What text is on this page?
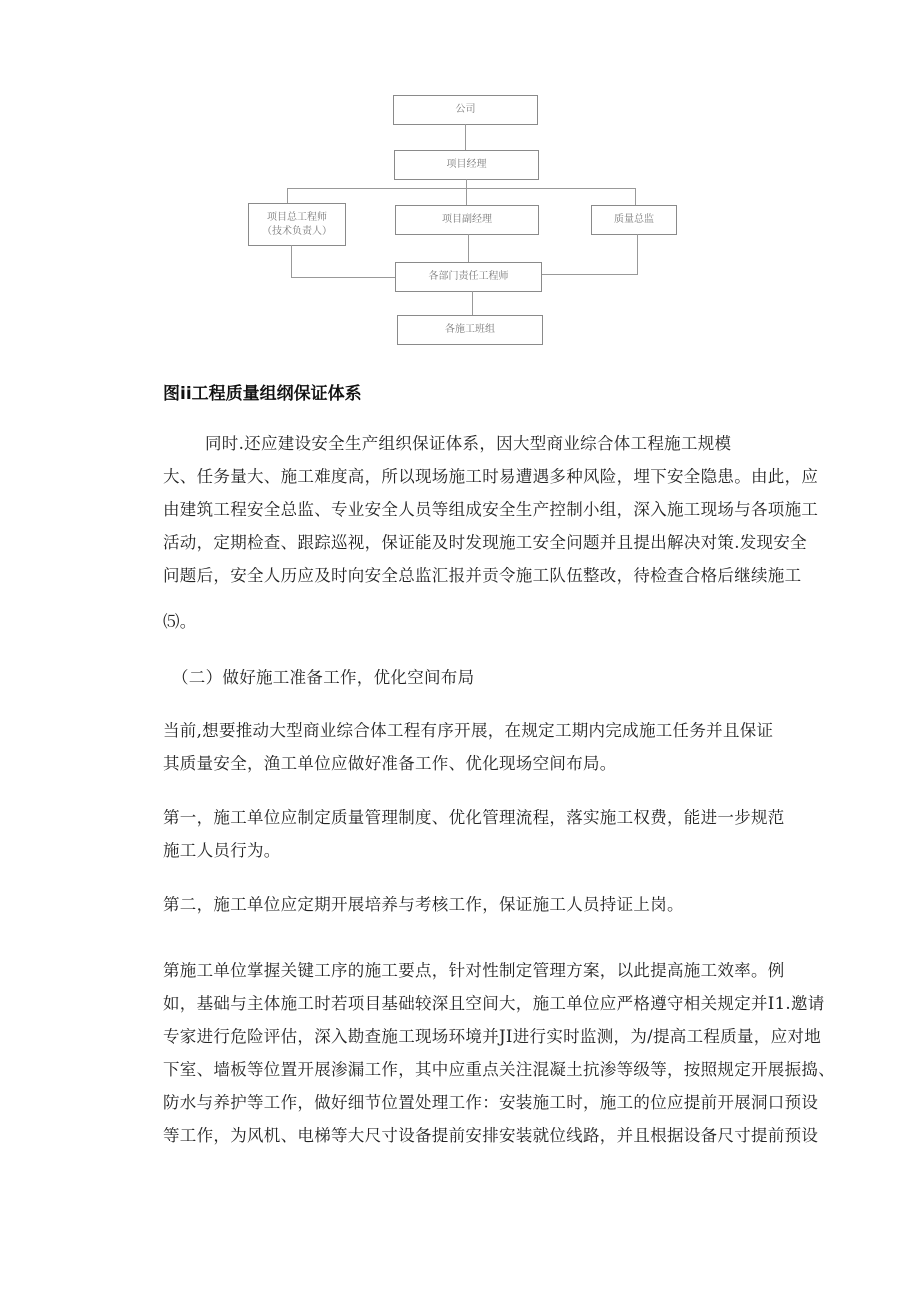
公司
项目经理
项目总工程师
（技术负责人）
项目副经理	质量总监
各部门责任工程师
各施工班组
图ii工程质量组纲保证体系
同时.还应建设安全生产组织保证体系，因大型商业综合体工程施工规模
大、任务量大、施工难度高，所以现场施工时易遭遇多种风险，埋下安全隐患。由此，应
由建筑工程安全总监、专业安全人员等组成安全生产控制小组，深入施工现场与各项施工
活动，定期检查、跟踪巡视，保证能及时发现施工安全问题并且提出解决对策.发现安全
问题后，安全人历应及时向安全总监汇报并贡令施工队伍整改，待检查合格后继续施工
⑸。
（二）做好施工准备工作，优化空间布局
当前,想要推动大型商业综合体工程有序开展，在规定工期内完成施工任务并且保证
其质量安全，渔工单位应做好准备工作、优化现场空间布局。
第一，施工单位应制定质量管理制度、优化管理流程，落实施工权费，能进一步规范
施工人员行为。
第二，施工单位应定期开展培养与考核工作，保证施工人员持证上岗。
第施工单位掌握关键工序的施工要点，针对性制定管理方案，以此提高施工效率。例
如，基础与主体施工时若项目基础较深且空间大，施工单位应严格遵守相关规定并I1.邀请
专家进行危险评估，深入勘查施工现场环境并JI进行实时监测，为/提高工程质量，应对地
下室、墙板等位置开展渗漏工作，其中应重点关注混凝土抗渗等级等，按照规定开展振捣、
防水与养护等工作，做好细节位置处理工作：安装施工时，施工的位应提前开展洞口预设
等工作，为风机、电梯等大尺寸设备提前安排安装就位线路，并且根据设备尺寸提前预设
